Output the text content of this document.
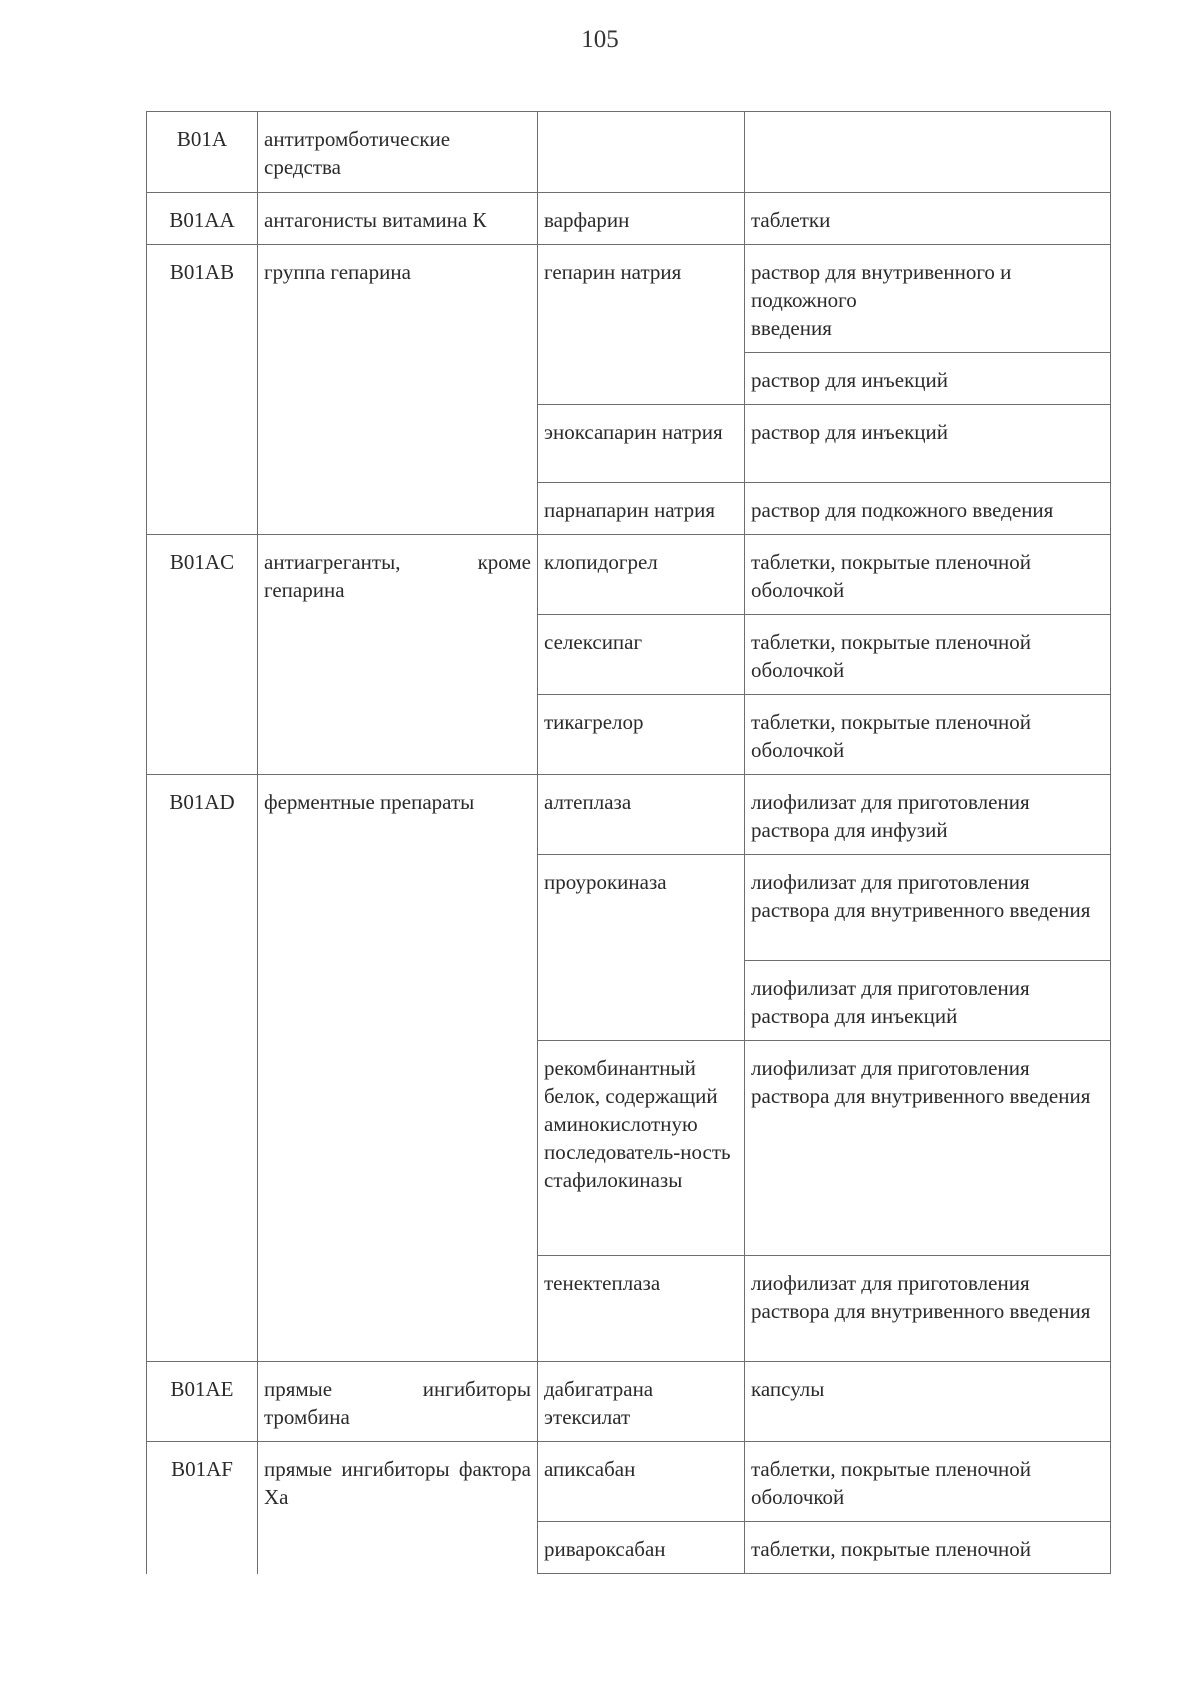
105
B01A	антитромботические средства		
B01AA	антагонисты витамина К	варфарин	таблетки
B01AB	группа гепарина	гепарин натрия	раствор для внутривенного и подкожного
введения
			раствор для инъекций
		эноксапарин натрия	раствор для инъекций
		парнапарин натрия	раствор для подкожного введения
B01AC	антиагреганты, кроме гепарина	клопидогрел	таблетки, покрытые пленочной оболочкой
		селексипаг	таблетки, покрытые пленочной оболочкой
		тикагрелор	таблетки, покрытые пленочной оболочкой
B01AD	ферментные препараты	алтеплаза	лиофилизат для приготовления раствора для инфузий
		проурокиназа	лиофилизат для приготовления раствора для внутривенного введения
			лиофилизат для приготовления раствора для инъекций
		рекомбинантный белок, содержащий аминокислотную последователь-ность стафилокиназы	лиофилизат для приготовления раствора для внутривенного введения
		тенектеплаза	лиофилизат для приготовления раствора для внутривенного введения
B01AE	прямые ингибиторы тромбина	дабигатрана этексилат	капсулы
B01AF	прямые ингибиторы фактора Xa	апиксабан	таблетки, покрытые пленочной оболочкой
		ривароксабан	таблетки, покрытые пленочной
